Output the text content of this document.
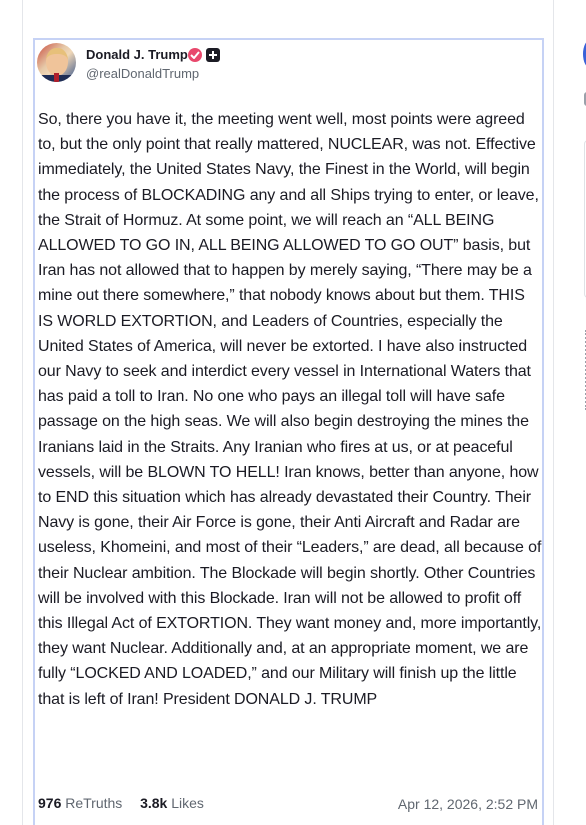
Donald J. Trump
@realDonaldTrump
So, there you have it, the meeting went well, most points were agreed to, but the only point that really mattered, NUCLEAR, was not. Effective immediately, the United States Navy, the Finest in the World, will begin the process of BLOCKADING any and all Ships trying to enter, or leave, the Strait of Hormuz. At some point, we will reach an “ALL BEING ALLOWED TO GO IN, ALL BEING ALLOWED TO GO OUT” basis, but Iran has not allowed that to happen by merely saying, “There may be a mine out there somewhere,” that nobody knows about but them. THIS IS WORLD EXTORTION, and Leaders of Countries, especially the United States of America, will never be extorted. I have also instructed our Navy to seek and interdict every vessel in International Waters that has paid a toll to Iran. No one who pays an illegal toll will have safe passage on the high seas. We will also begin destroying the mines the Iranians laid in the Straits. Any Iranian who fires at us, or at peaceful vessels, will be BLOWN TO HELL! Iran knows, better than anyone, how to END this situation which has already devastated their Country. Their Navy is gone, their Air Force is gone, their Anti Aircraft and Radar are useless, Khomeini, and most of their “Leaders,” are dead, all because of their Nuclear ambition. The Blockade will begin shortly. Other Countries will be involved with this Blockade. Iran will not be allowed to profit off this Illegal Act of EXTORTION. They want money and, more importantly, they want Nuclear. Additionally and, at an appropriate moment, we are fully “LOCKED AND LOADED,” and our Military will finish up the little that is left of Iran! President DONALD J. TRUMP
976 ReTruths 3.8k Likes	Apr 12, 2026, 2:52 PM
